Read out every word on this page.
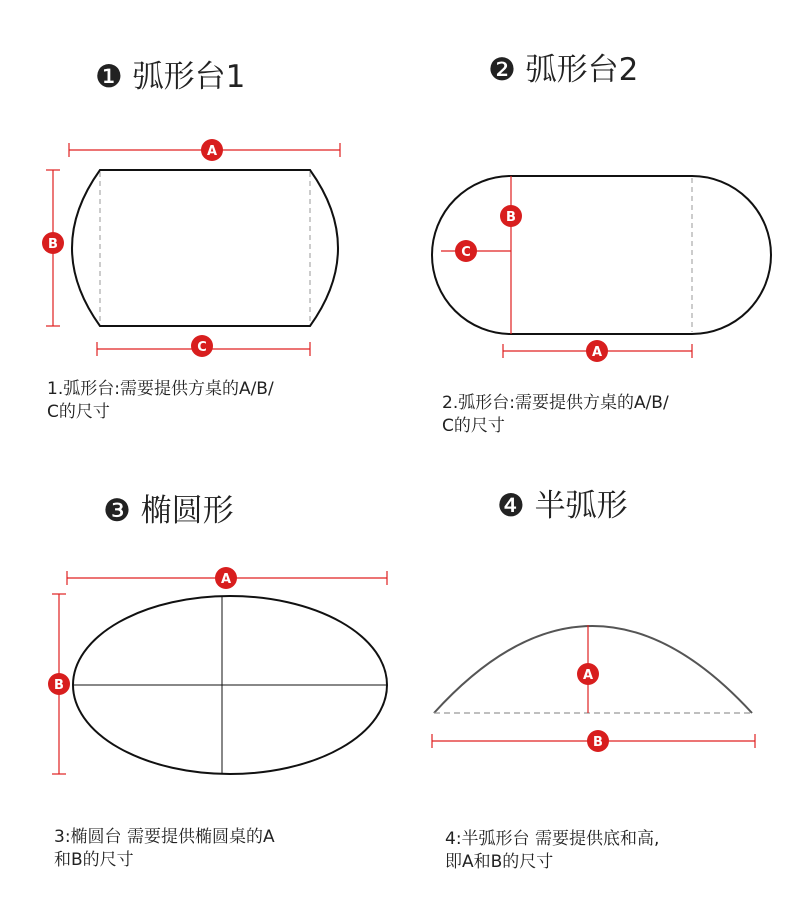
❶ 弧形台1	❷ 弧形台2
❸ 椭圆形	❹ 半弧形
1.弧形台:需要提供方桌的A/B/
C的尺寸	2.弧形台:需要提供方桌的A/B/
C的尺寸
3:椭圆台 需要提供椭圆桌的A
和B的尺寸
4:半弧形台 需要提供底和高,
即A和B的尺寸
A
B
C
B
C
A
A
B
A
B
